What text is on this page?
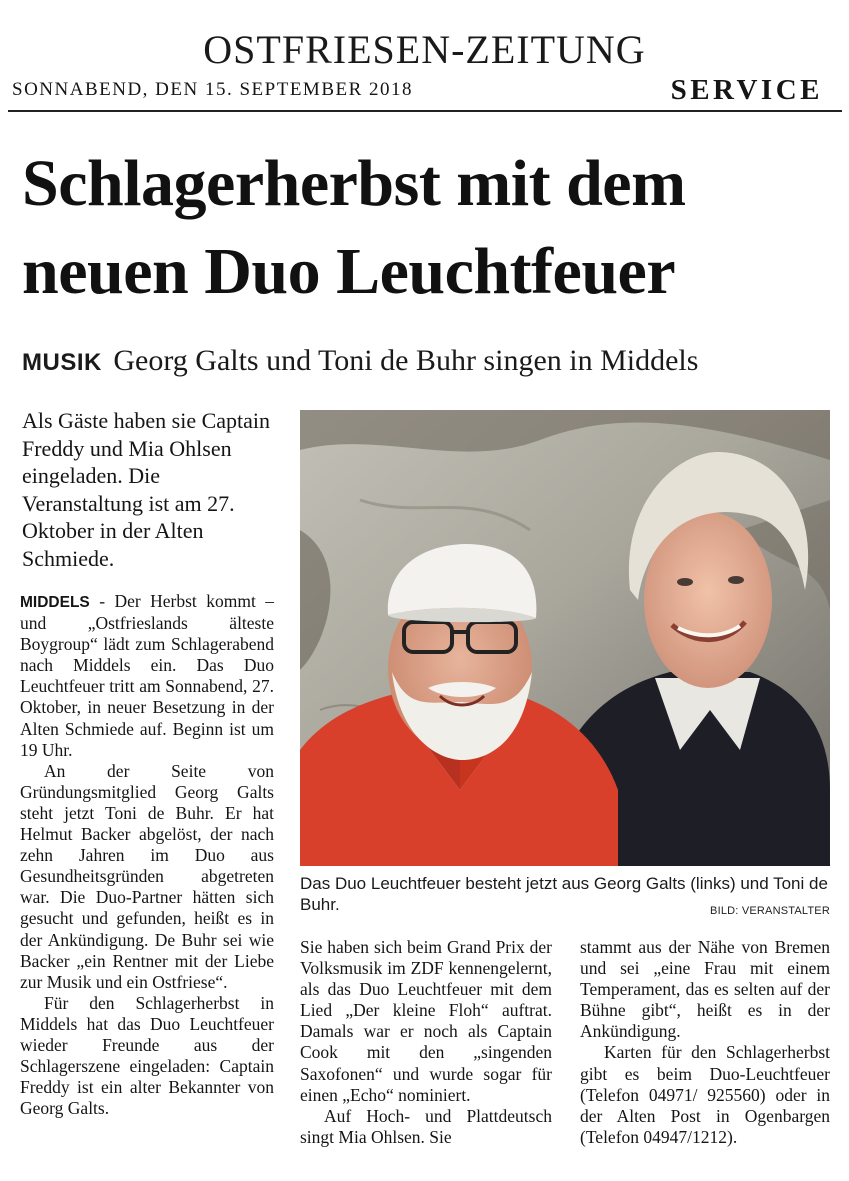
OSTFRIESEN-ZEITUNG
SONNABEND, DEN 15. SEPTEMBER 2018	SERVICE
Schlagerherbst mit dem
neuen Duo Leuchtfeuer
MUSIK Georg Galts und Toni de Buhr singen in Middels
Als Gäste haben sie Captain Freddy und Mia Ohlsen eingeladen. Die Veranstaltung ist am 27. Oktober in der Alten Schmiede.

MIDDELS - Der Herbst kommt – und „Ostfrieslands älteste Boygroup“ lädt zum Schlagerabend nach Middels ein. Das Duo Leuchtfeuer tritt am Sonnabend, 27. Oktober, in neuer Besetzung in der Alten Schmiede auf. Beginn ist um 19 Uhr.

An der Seite von Gründungsmitglied Georg Galts steht jetzt Toni de Buhr. Er hat Helmut Backer abgelöst, der nach zehn Jahren im Duo aus Gesundheitsgründen abgetreten war. Die Duo-Partner hätten sich gesucht und gefunden, heißt es in der Ankündigung. De Buhr sei wie Backer „ein Rentner mit der Liebe zur Musik und ein Ostfriese“.

Für den Schlagerherbst in Middels hat das Duo Leuchtfeuer wieder Freunde aus der Schlagerszene eingeladen: Captain Freddy ist ein alter Bekannter von Georg Galts.

Das Duo Leuchtfeuer besteht jetzt aus Georg Galts (links) und Toni de Buhr.	BILD: VERANSTALTER

Sie haben sich beim Grand Prix der Volksmusik im ZDF kennengelernt, als das Duo Leuchtfeuer mit dem Lied „Der kleine Floh“ auftrat. Damals war er noch als Captain Cook mit den „singenden Saxofonen“ und wurde sogar für einen „Echo“ nominiert.

Auf Hoch- und Plattdeutsch singt Mia Ohlsen. Sie

stammt aus der Nähe von Bremen und sei „eine Frau mit einem Temperament, das es selten auf der Bühne gibt“, heißt es in der Ankündigung.

Karten für den Schlagerherbst gibt es beim Duo-Leuchtfeuer (Telefon 04971/ 925560) oder in der Alten Post in Ogenbargen (Telefon 04947/1212).
